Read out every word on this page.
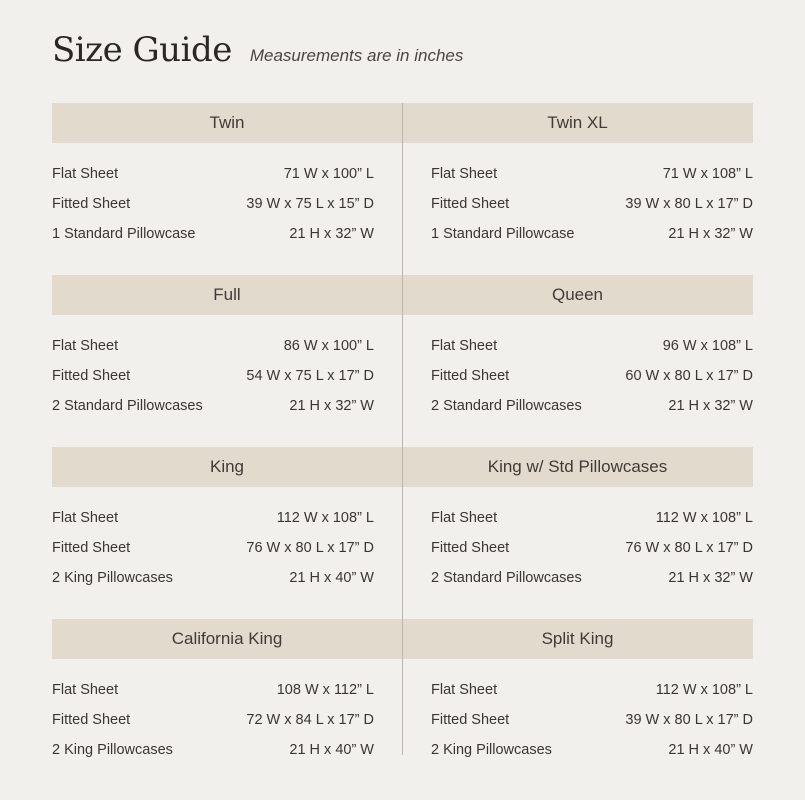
Size Guide Measurements are in inches
Twin
Flat Sheet	71 W x 100” L
Fitted Sheet	39 W x 75 L x 15” D
1 Standard Pillowcase	21 H x 32” W
Twin XL
Flat Sheet	71 W x 108” L
Fitted Sheet	39 W x 80 L x 17” D
1 Standard Pillowcase	21 H x 32” W
Full
Flat Sheet	86 W x 100” L
Fitted Sheet	54 W x 75 L x 17” D
2 Standard Pillowcases	21 H x 32” W
Queen
Flat Sheet	96 W x 108” L
Fitted Sheet	60 W x 80 L x 17” D
2 Standard Pillowcases	21 H x 32” W
King
Flat Sheet	112 W x 108” L
Fitted Sheet	76 W x 80 L x 17” D
2 King Pillowcases	21 H x 40” W
King w/ Std Pillowcases
Flat Sheet	112 W x 108” L
Fitted Sheet	76 W x 80 L x 17” D
2 Standard Pillowcases	21 H x 32” W
California King
Flat Sheet	108 W x 112” L
Fitted Sheet	72 W x 84 L x 17” D
2 King Pillowcases	21 H x 40” W
Split King
Flat Sheet	112 W x 108” L
Fitted Sheet	39 W x 80 L x 17” D
2 King Pillowcases	21 H x 40” W
